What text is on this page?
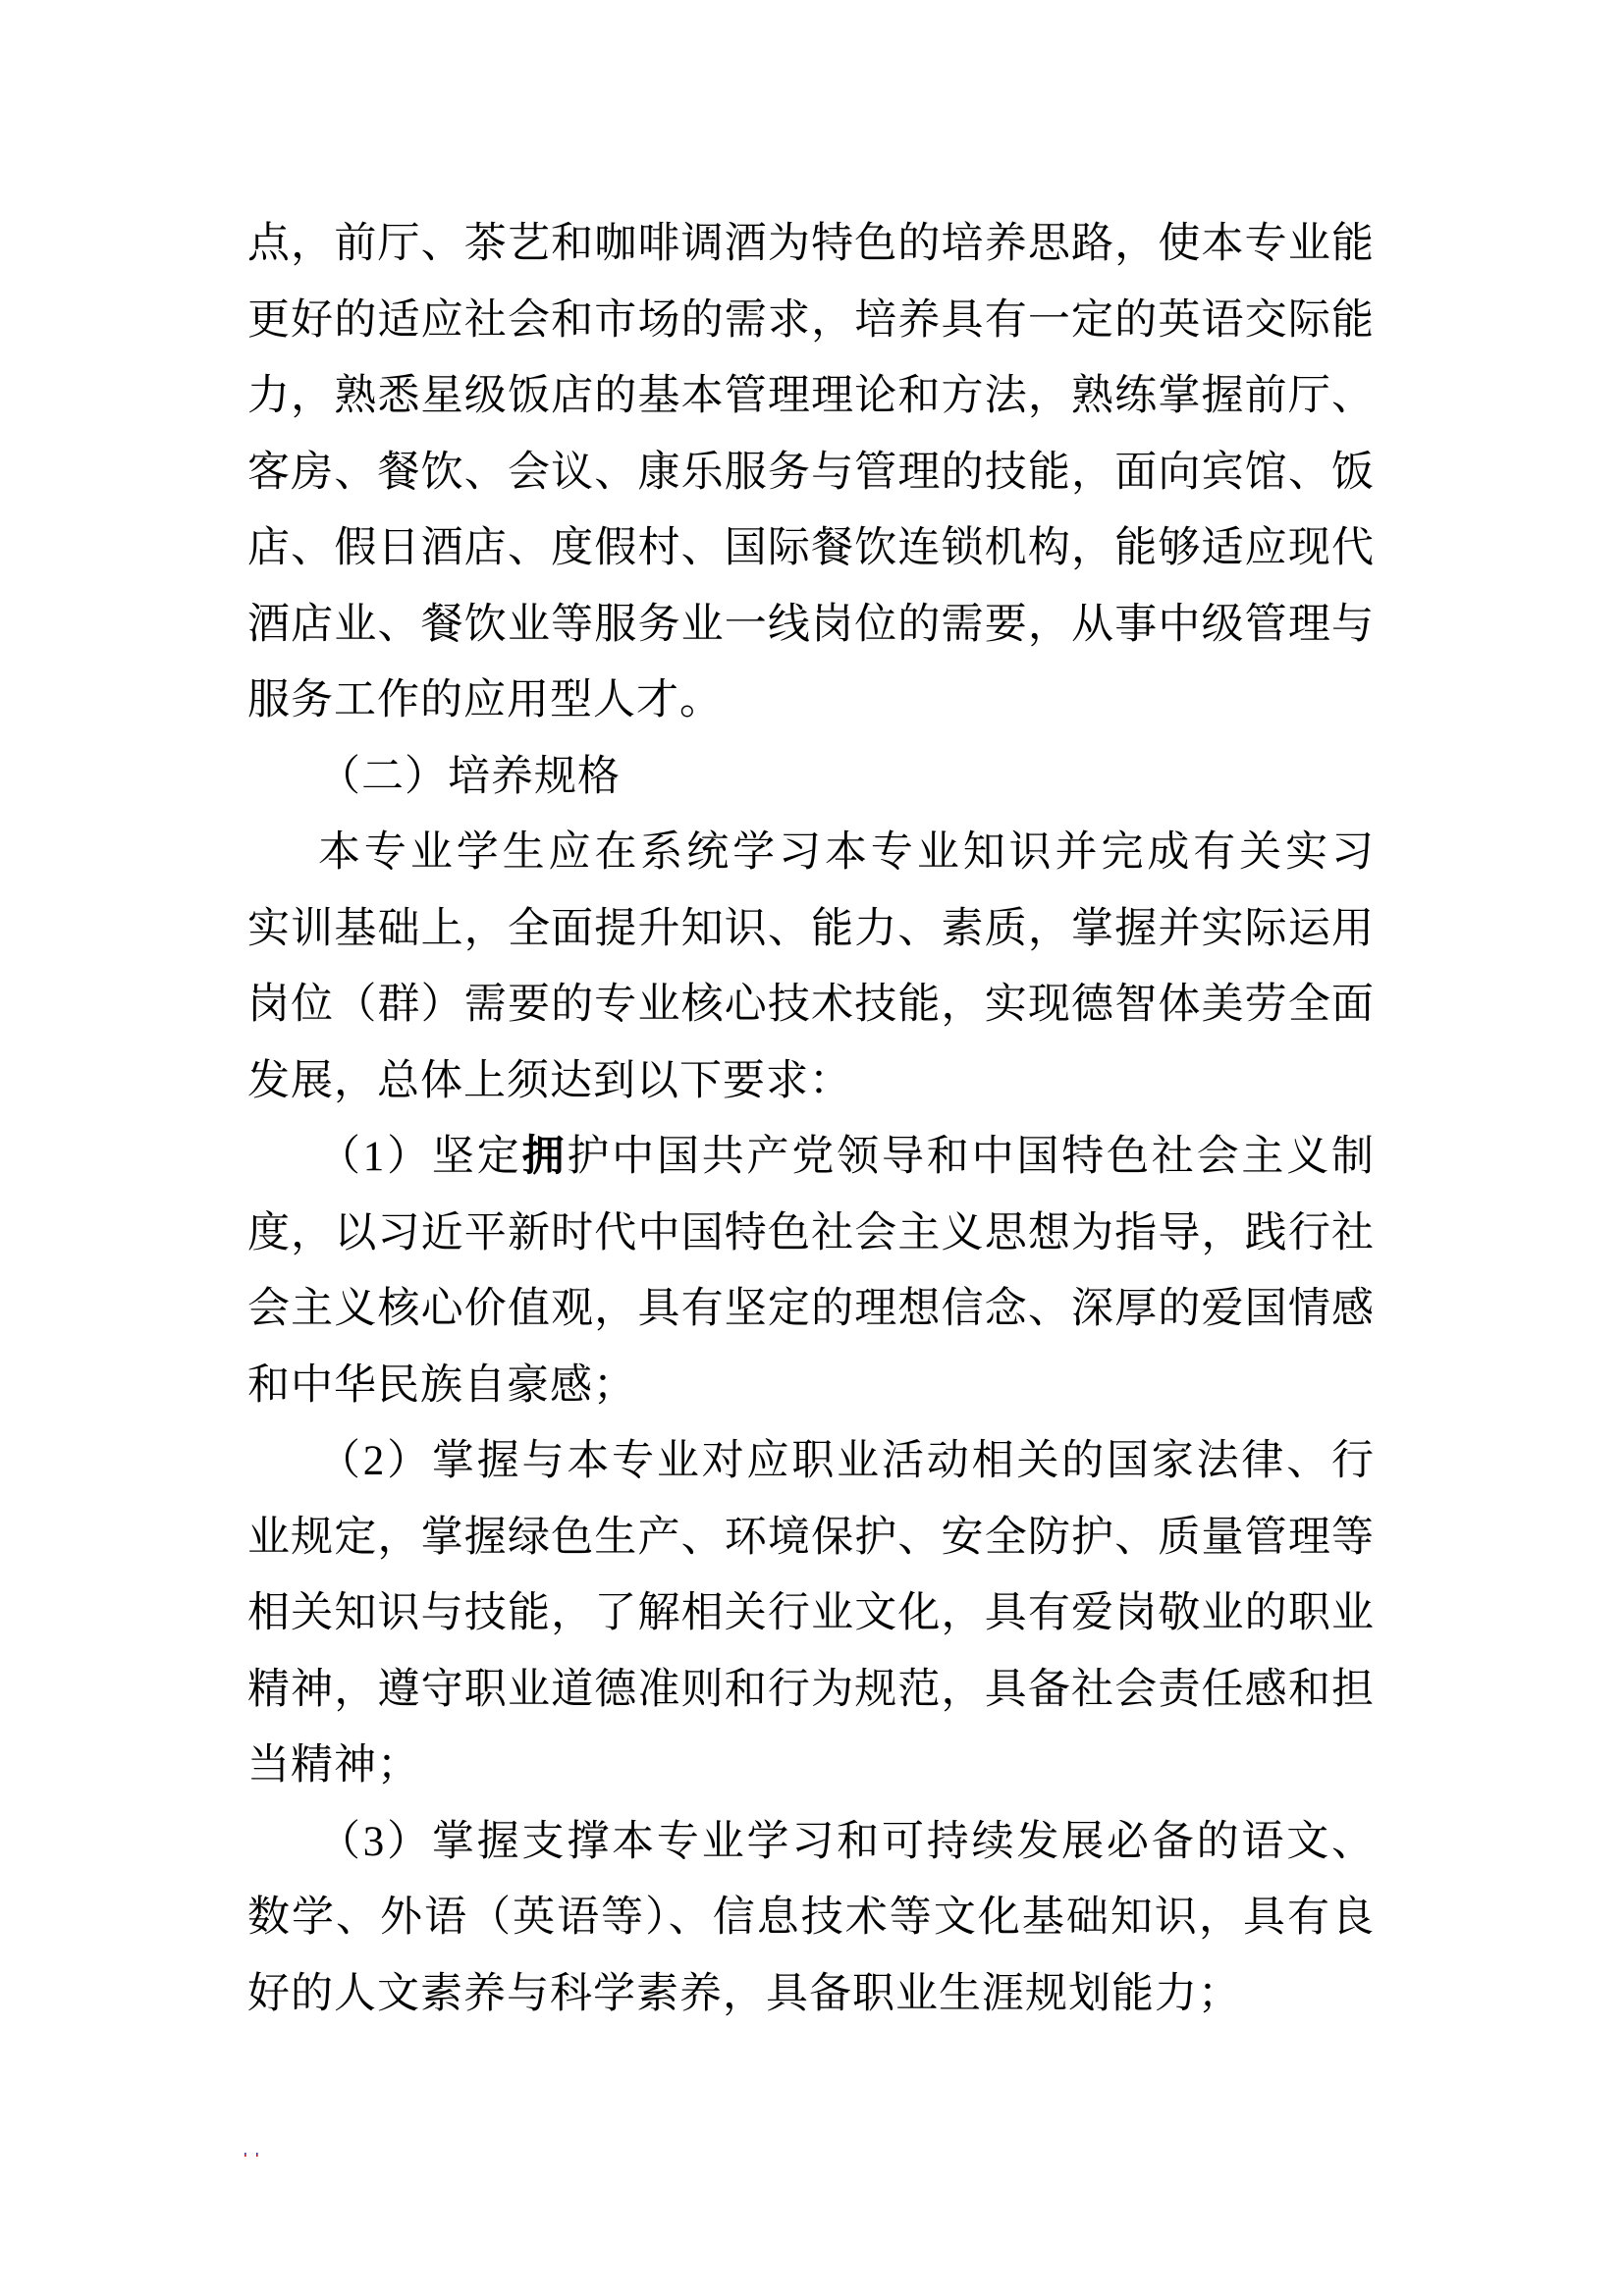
点，前厅、茶艺和咖啡调酒为特色的培养思路，使本专业能
更好的适应社会和市场的需求，培养具有一定的英语交际能
力，熟悉星级饭店的基本管理理论和方法，熟练掌握前厅、
客房、餐饮、会议、康乐服务与管理的技能，面向宾馆、饭
店、假日酒店、度假村、国际餐饮连锁机构，能够适应现代
酒店业、餐饮业等服务业一线岗位的需要，从事中级管理与
服务工作的应用型人才。
（二）培养规格
本专业学生应在系统学习本专业知识并完成有关实习
实训基础上，全面提升知识、能力、素质，掌握并实际运用
岗位（群）需要的专业核心技术技能，实现德智体美劳全面
发展，总体上须达到以下要求：
（1）坚定拥护中国共产党领导和中国特色社会主义制
度，以习近平新时代中国特色社会主义思想为指导，践行社
会主义核心价值观，具有坚定的理想信念、深厚的爱国情感
和中华民族自豪感；
（2）掌握与本专业对应职业活动相关的国家法律、行
业规定，掌握绿色生产、环境保护、安全防护、质量管理等
相关知识与技能，了解相关行业文化，具有爱岗敬业的职业
精神，遵守职业道德准则和行为规范，具备社会责任感和担
当精神；
（3）掌握支撑本专业学习和可持续发展必备的语文、
数学、外语（英语等）、信息技术等文化基础知识，具有良
好的人文素养与科学素养，具备职业生涯规划能力；
..
